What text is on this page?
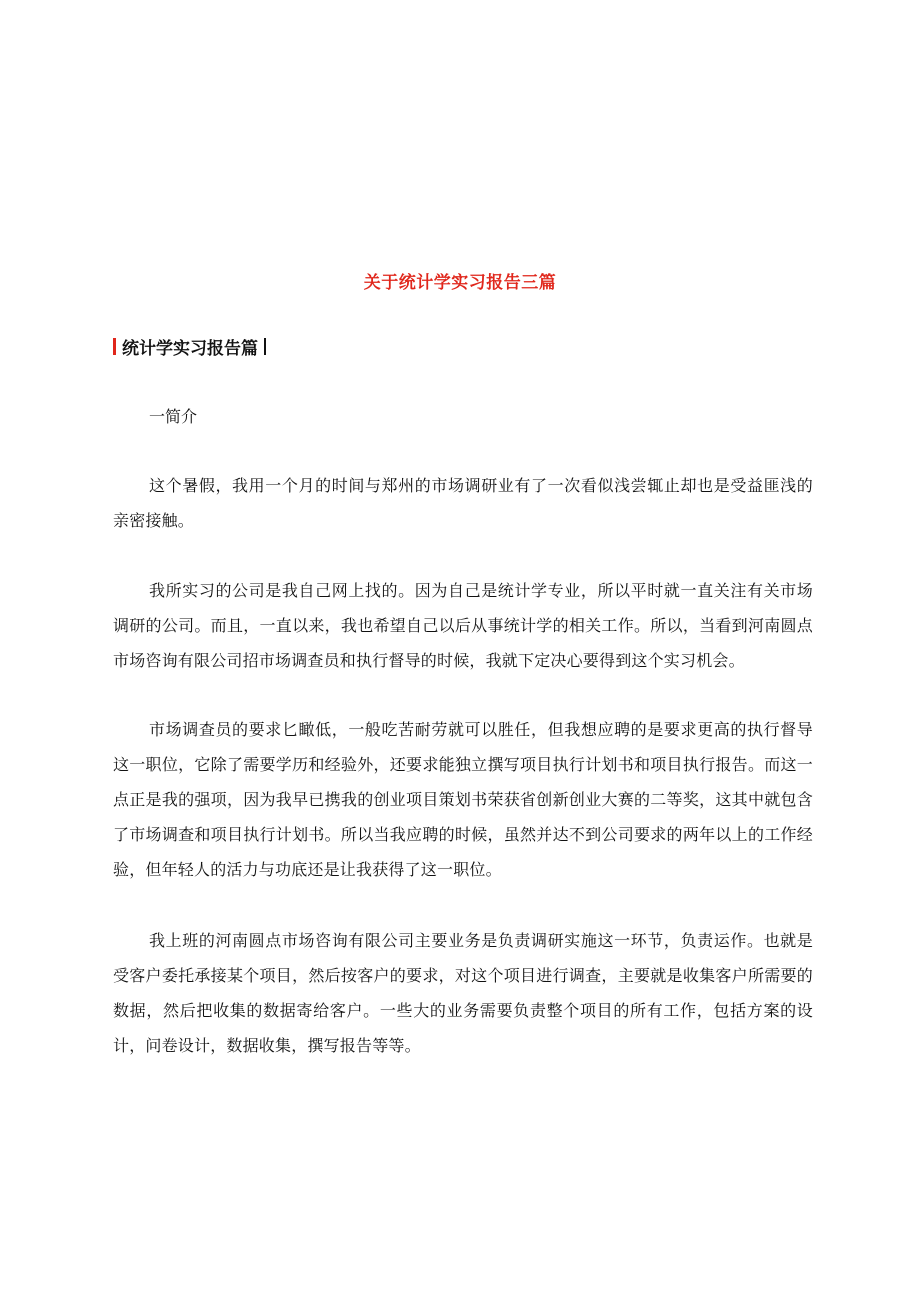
关于统计学实习报告三篇
统计学实习报告篇

一简介

这个暑假，我用一个月的时间与郑州的市场调研业有了一次看似浅尝辄止却也是受益匪浅的亲密接触。

我所实习的公司是我自己网上找的。因为自己是统计学专业，所以平时就一直关注有关市场调研的公司。而且，一直以来，我也希望自己以后从事统计学的相关工作。所以，当看到河南圆点市场咨询有限公司招市场调查员和执行督导的时候，我就下定决心要得到这个实习机会。

市场调查员的要求匕瞰低，一般吃苦耐劳就可以胜任，但我想应聘的是要求更高的执行督导这一职位，它除了需要学历和经验外，还要求能独立撰写项目执行计划书和项目执行报告。而这一点正是我的强项，因为我早已携我的创业项目策划书荣获省创新创业大赛的二等奖，这其中就包含了市场调查和项目执行计划书。所以当我应聘的时候，虽然并达不到公司要求的两年以上的工作经验，但年轻人的活力与功底还是让我获得了这一职位。

我上班的河南圆点市场咨询有限公司主要业务是负责调研实施这一环节，负责运作。也就是受客户委托承接某个项目，然后按客户的要求，对这个项目进行调查，主要就是收集客户所需要的数据，然后把收集的数据寄给客户。一些大的业务需要负责整个项目的所有工作，包括方案的设计，问卷设计，数据收集，撰写报告等等。
